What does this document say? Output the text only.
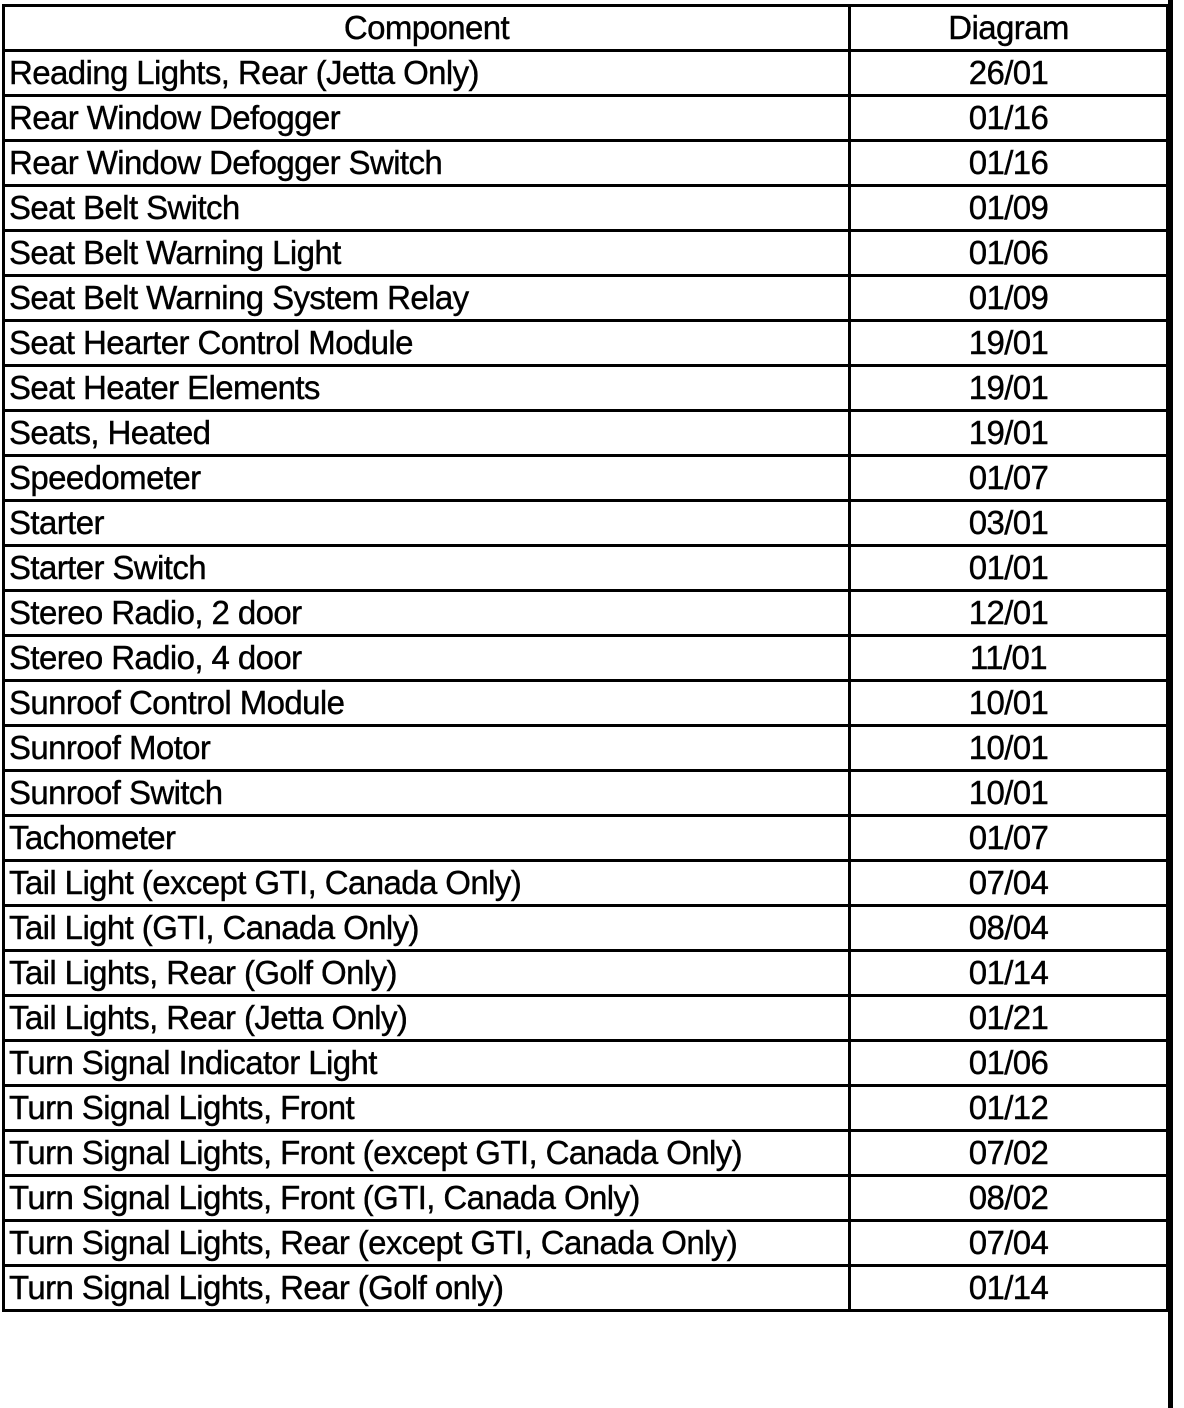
Component	Diagram
Reading Lights, Rear (Jetta Only)	26/01
Rear Window Defogger	01/16
Rear Window Defogger Switch	01/16
Seat Belt Switch	01/09
Seat Belt Warning Light	01/06
Seat Belt Warning System Relay	01/09
Seat Hearter Control Module	19/01
Seat Heater Elements	19/01
Seats, Heated	19/01
Speedometer	01/07
Starter	03/01
Starter Switch	01/01
Stereo Radio, 2 door	12/01
Stereo Radio, 4 door	11/01
Sunroof Control Module	10/01
Sunroof Motor	10/01
Sunroof Switch	10/01
Tachometer	01/07
Tail Light (except GTI, Canada Only)	07/04
Tail Light (GTI, Canada Only)	08/04
Tail Lights, Rear (Golf Only)	01/14
Tail Lights, Rear (Jetta Only)	01/21
Turn Signal Indicator Light	01/06
Turn Signal Lights, Front	01/12
Turn Signal Lights, Front (except GTI, Canada Only)	07/02
Turn Signal Lights, Front (GTI, Canada Only)	08/02
Turn Signal Lights, Rear (except GTI, Canada Only)	07/04
Turn Signal Lights, Rear (Golf only)	01/14
